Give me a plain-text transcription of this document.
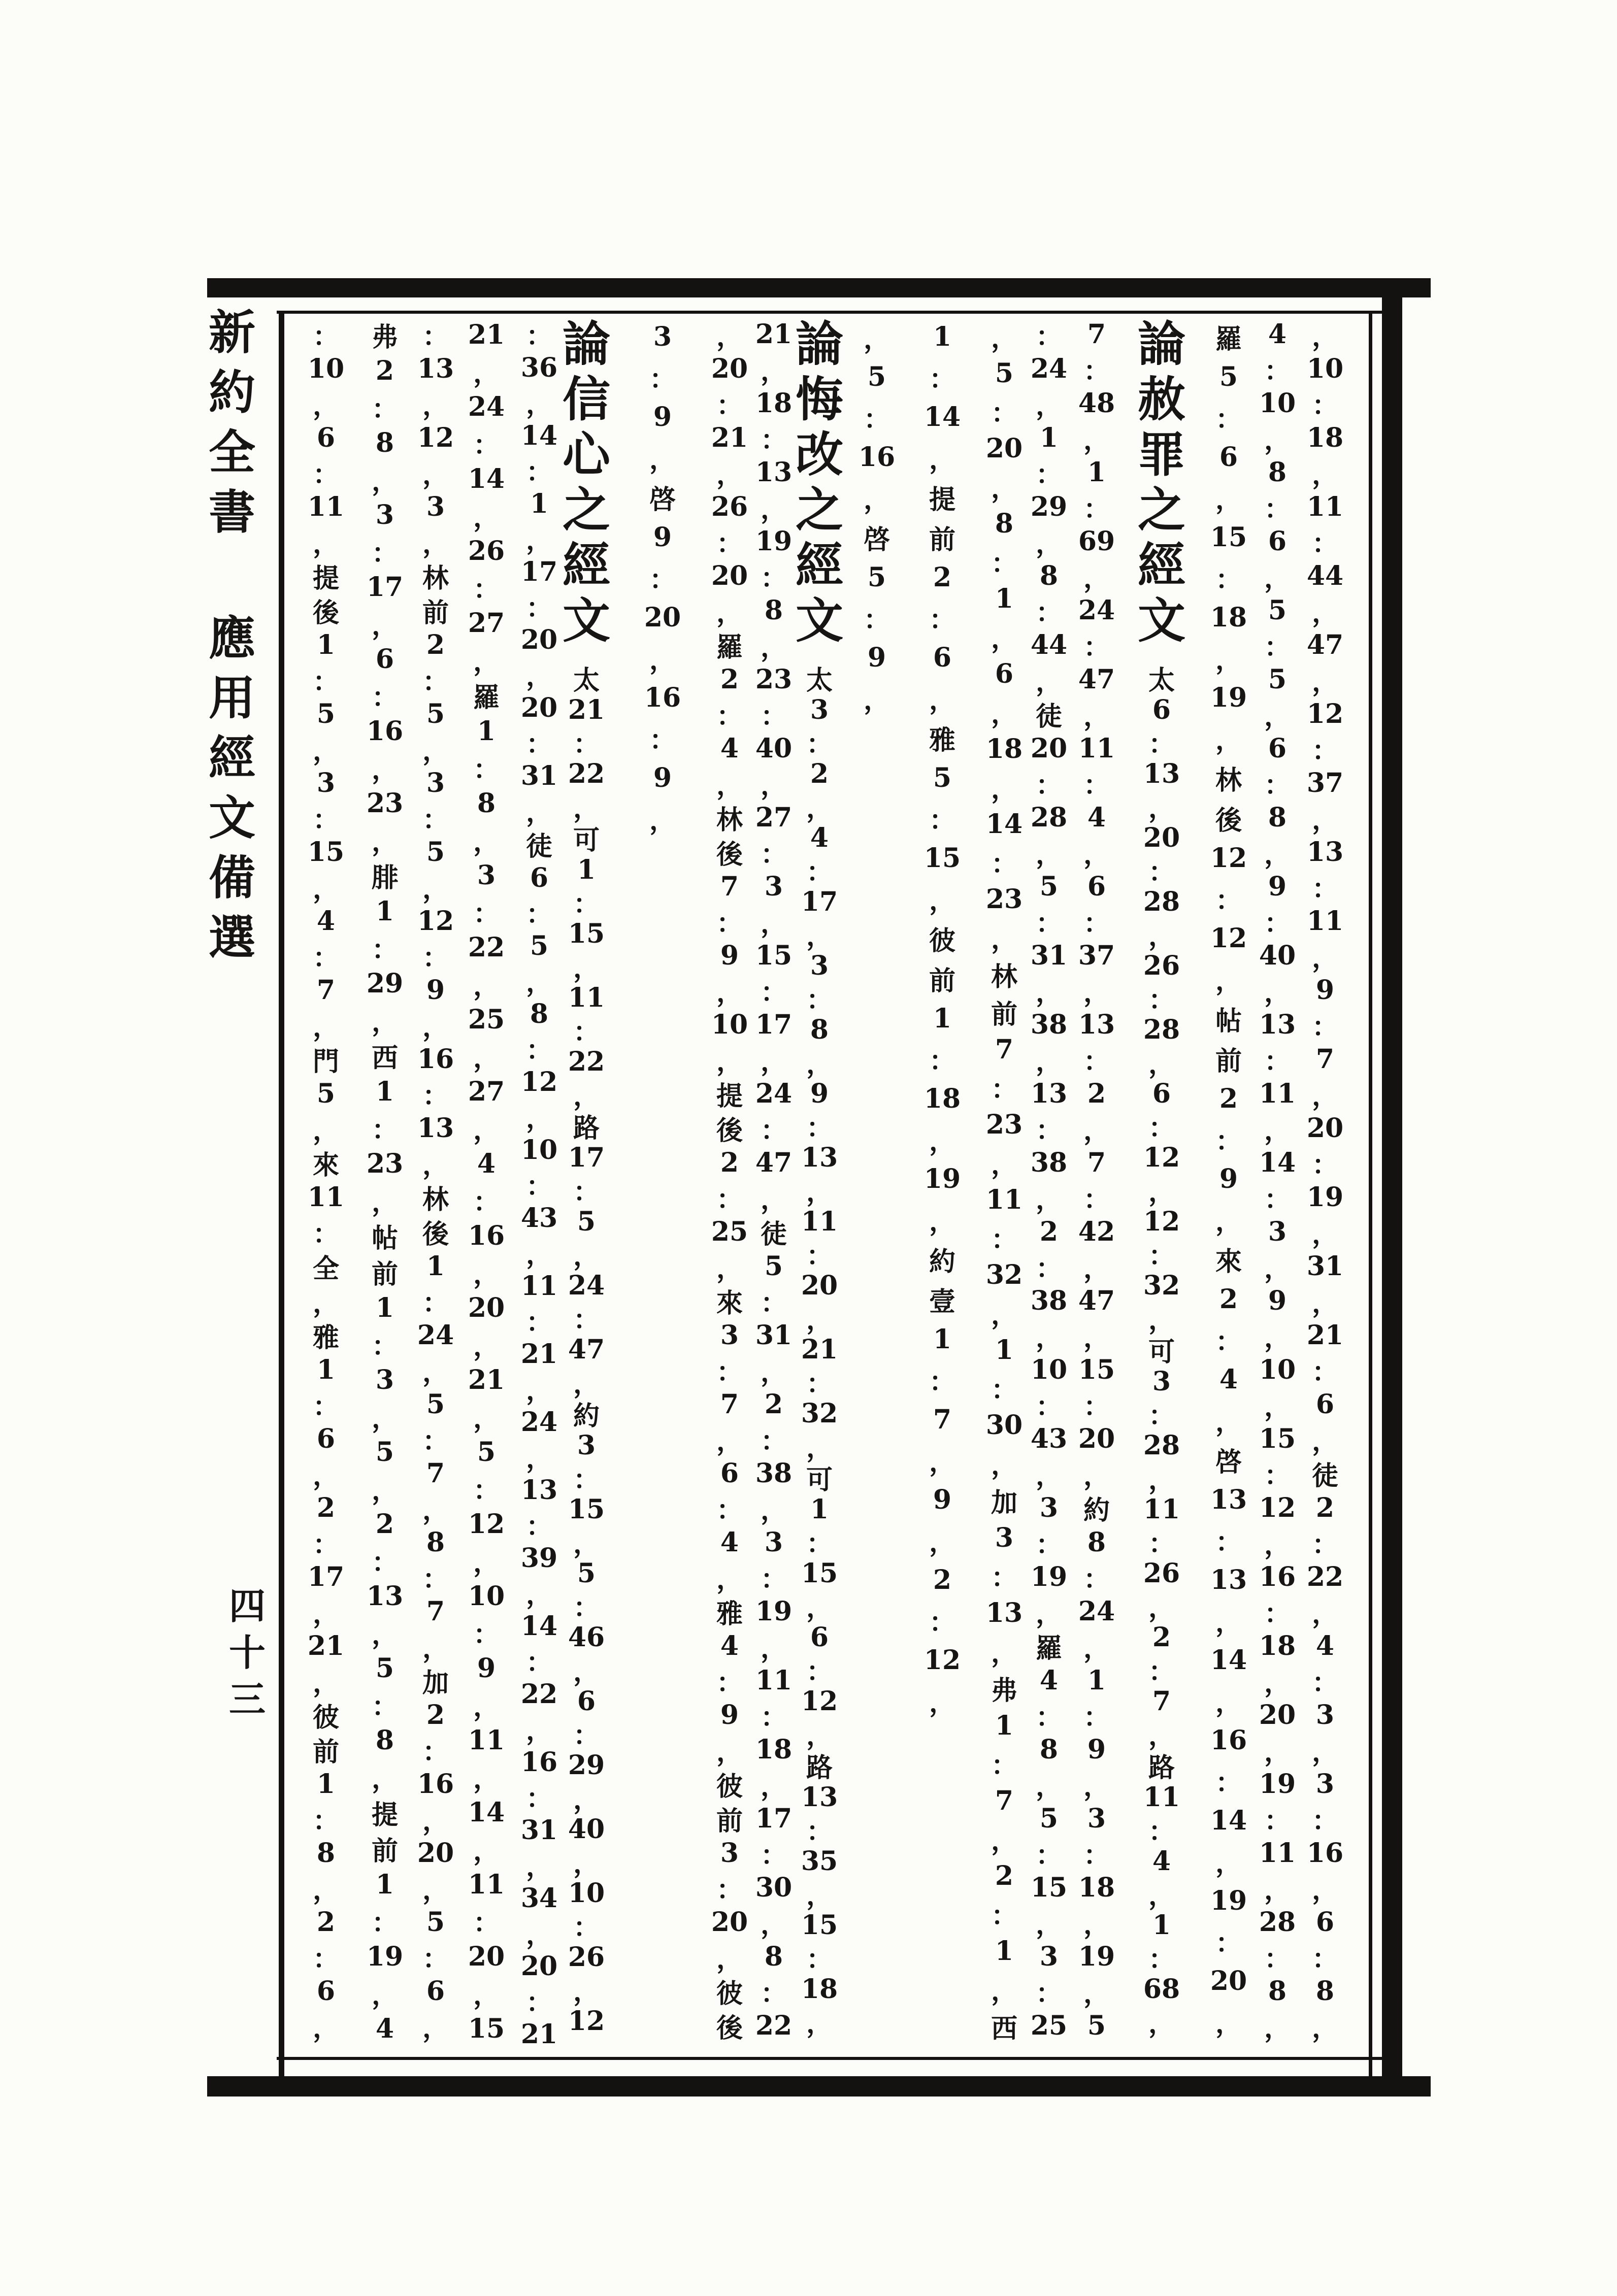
新
約
全
書
應
用
經
文
備
選
四
十
三
，
10
：
18
，
11
：
44
，
47
，
12
：
37
，
13
：
11
，
9
：
7
，
20
：
19
，
31
，
21
：
6
，
徒
2
：
22
，
4
：
3
，
3
：
16
，
6
：
8
，
4
：
10
，
8
：
6
，
5
：
5
，
6
：
8
，
9
：
40
，
13
：
11
，
14
：
3
，
9
，
10
，
15
：
12
，
16
：
18
，
20
，
19
：
11
，
28
：
8
，
羅
5
：
6
，
15
：
18
，
19
，
林
後
12
：
12
，
帖
前
2
：
9
，
來
2
：
4
，
啓
13
：
13
，
14
，
16
：
14
，
19
：
20
，
論
赦
罪
之
經
文
太
6
：
13
，
20
：
28
，
26
：
28
，
6
：
12
，
12
：
32
，
可
3
：
28
，
11
：
26
，
2
：
7
，
路
11
：
4
，
1
：
68
，
7
：
48
，
1
：
69
，
24
：
47
，
11
：
4
，
6
：
37
，
13
：
2
，
7
：
42
，
47
，
15
：
20
，
約
8
：
24
，
1
：
9
，
3
：
18
，
19
，
5
：
24
，
1
：
29
，
8
：
44
，
徒
20
：
28
，
5
：
31
，
38
，
13
：
38
，
2
：
38
，
10
：
43
，
3
：
19
，
羅
4
：
8
，
5
：
15
，
3
：
25
，
5
：
20
，
8
：
1
，
6
，
18
，
14
：
23
，
林
前
7
：
23
，
11
：
32
，
1
：
30
，
加
3
：
13
，
弗
1
：
7
，
2
：
1
，
西
1
：
14
，
提
前
2
：
6
，
雅
5
：
15
，
彼
前
1
：
18
，
19
，
約
壹
1
：
7
，
9
，
2
：
12
，
，
5
：
16
，
啓
5
：
9
，
論
悔
改
之
經
文
太
3
：
2
，
4
：
17
，
3
：
8
，
9
：
13
，
11
：
20
，
21
：
32
，
可
1
：
15
，
6
：
12
，
路
13
：
35
，
15
：
18
，
21
，
18
：
13
，
19
：
8
，
23
：
40
，
27
：
3
，
15
：
17
，
24
：
47
，
徒
5
：
31
，
2
：
38
，
3
：
19
，
11
：
18
，
17
：
30
，
8
：
22
，
20
：
21
，
26
：
20
，
羅
2
：
4
，
林
後
7
：
9
，
10
，
提
後
2
：
25
，
來
3
：
7
，
6
：
4
，
雅
4
：
9
，
彼
前
3
：
20
，
彼
後
3
：
9
，
啓
9
：
20
，
16
：
9
，
論
信
心
之
經
文
太
21
：
22
，
可
1
：
15
，
11
：
22
，
路
17
：
5
，
24
：
47
，
約
3
：
15
，
5
：
46
，
6
：
29
，
40
，
10
：
26
，
12
：
36
，
14
：
1
，
17
：
20
，
20
：
31
，
徒
6
：
5
，
8
：
12
，
10
：
43
，
11
：
21
，
24
，
13
：
39
，
14
：
22
，
16
：
31
，
34
，
20
：
21
21
，
24
：
14
，
26
：
27
，
羅
1
：
8
，
3
：
22
，
25
，
27
，
4
：
16
，
20
，
21
，
5
：
12
，
10
：
9
，
11
，
14
，
11
：
20
，
15
：
13
，
12
，
3
，
林
前
2
：
5
，
3
：
5
，
12
：
9
，
16
：
13
，
林
後
1
：
24
，
5
：
7
，
8
：
7
，
加
2
：
16
，
20
，
5
：
6
，
弗
2
：
8
，
3
：
17
，
6
：
16
，
23
，
腓
1
：
29
，
西
1
：
23
，
帖
前
1
：
3
，
5
，
2
：
13
，
5
：
8
，
提
前
1
：
19
，
4
：
10
，
6
：
11
，
提
後
1
：
5
，
3
：
15
，
4
：
7
，
門
5
，
來
11
：
全
，
雅
1
：
6
，
2
：
17
，
21
，
彼
前
1
：
8
，
2
：
6
，
